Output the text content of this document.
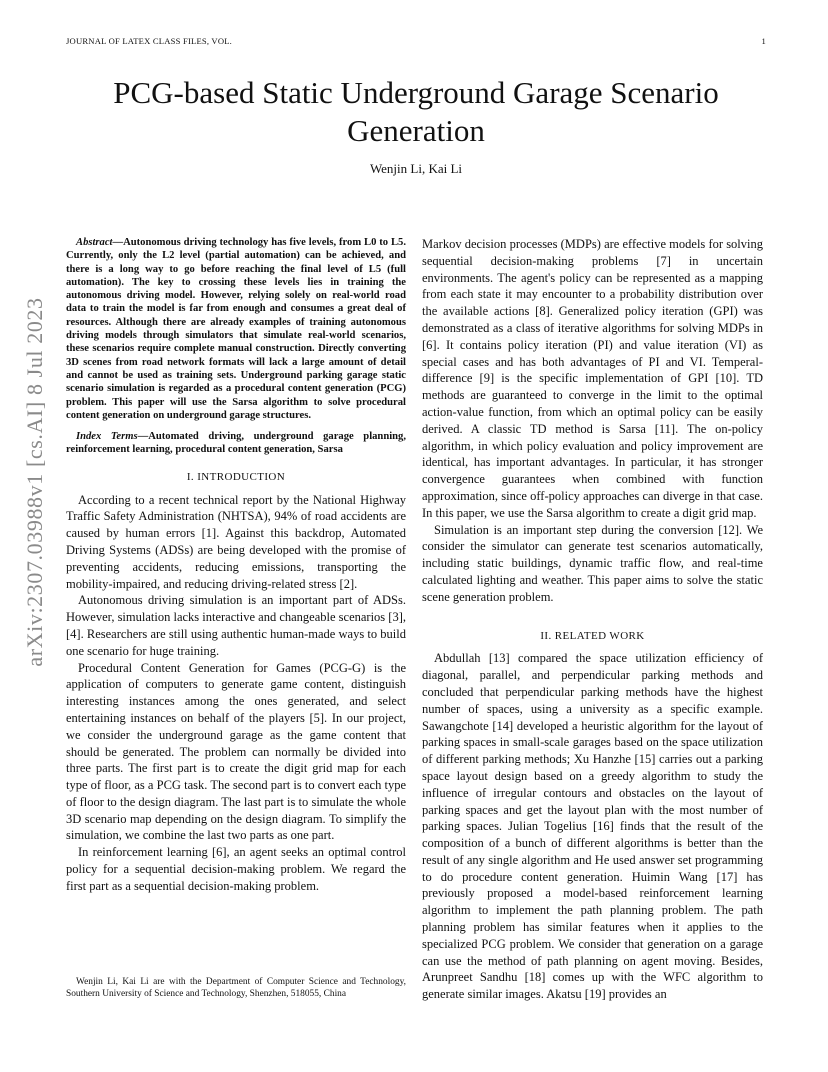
JOURNAL OF LATEX CLASS FILES, VOL.	1
arXiv:2307.03988v1 [cs.AI] 8 Jul 2023
PCG-based Static Underground Garage Scenario Generation
Wenjin Li, Kai Li
Abstract—Autonomous driving technology has five levels, from L0 to L5. Currently, only the L2 level (partial automation) can be achieved, and there is a long way to go before reaching the final level of L5 (full automation). The key to crossing these levels lies in training the autonomous driving model. However, relying solely on real-world road data to train the model is far from enough and consumes a great deal of resources. Although there are already examples of training autonomous driving models through simulators that simulate real-world scenarios, these scenarios require complete manual construction. Directly converting 3D scenes from road network formats will lack a large amount of detail and cannot be used as training sets. Underground parking garage static scenario simulation is regarded as a procedural content generation (PCG) problem. This paper will use the Sarsa algorithm to solve procedural content generation on underground garage structures.
Index Terms—Automated driving, underground garage planning, reinforcement learning, procedural content generation, Sarsa
I. INTRODUCTION

According to a recent technical report by the National Highway Traffic Safety Administration (NHTSA), 94% of road accidents are caused by human errors [1]. Against this backdrop, Automated Driving Systems (ADSs) are being developed with the promise of preventing accidents, reducing emissions, transporting the mobility-impaired, and reducing driving-related stress [2].

Autonomous driving simulation is an important part of ADSs. However, simulation lacks interactive and changeable scenarios [3], [4]. Researchers are still using authentic human-made ways to build one scenario for huge training.

Procedural Content Generation for Games (PCG-G) is the application of computers to generate game content, distinguish interesting instances among the ones generated, and select entertaining instances on behalf of the players [5]. In our project, we consider the underground garage as the game content that should be generated. The problem can normally be divided into three parts. The first part is to create the digit grid map for each type of floor, as a PCG task. The second part is to convert each type of floor to the design diagram. The last part is to simulate the whole 3D scenario map depending on the design diagram. To simplify the simulation, we combine the last two parts as one part.

In reinforcement learning [6], an agent seeks an optimal control policy for a sequential decision-making problem. We regard the first part as a sequential decision-making problem.

Wenjin Li, Kai Li are with the Department of Computer Science and Technology, Southern University of Science and Technology, Shenzhen, 518055, China

Markov decision processes (MDPs) are effective models for solving sequential decision-making problems [7] in uncertain environments. The agent's policy can be represented as a mapping from each state it may encounter to a probability distribution over the available actions [8]. Generalized policy iteration (GPI) was demonstrated as a class of iterative algorithms for solving MDPs in [6]. It contains policy iteration (PI) and value iteration (VI) as special cases and has both advantages of PI and VI. Temperal-difference [9] is the specific implementation of GPI [10]. TD methods are guaranteed to converge in the limit to the optimal action-value function, from which an optimal policy can be easily derived. A classic TD method is Sarsa [11]. The on-policy algorithm, in which policy evaluation and policy improvement are identical, has important advantages. In particular, it has stronger convergence guarantees when combined with function approximation, since off-policy approaches can diverge in that case. In this paper, we use the Sarsa algorithm to create a digit grid map.

Simulation is an important step during the conversion [12]. We consider the simulator can generate test scenarios automatically, including static buildings, dynamic traffic flow, and real-time calculated lighting and weather. This paper aims to solve the static scene generation problem.

II. RELATED WORK

Abdullah [13] compared the space utilization efficiency of diagonal, parallel, and perpendicular parking methods and concluded that perpendicular parking methods have the highest number of spaces, using a university as a specific example. Sawangchote [14] developed a heuristic algorithm for the layout of parking spaces in small-scale garages based on the space utilization of different parking methods; Xu Hanzhe [15] carries out a parking space layout design based on a greedy algorithm to study the influence of irregular contours and obstacles on the layout of parking spaces and get the layout plan with the most number of parking spaces. Julian Togelius [16] finds that the result of the composition of a bunch of different algorithms is better than the result of any single algorithm and He used answer set programming to do procedure content generation. Huimin Wang [17] has previously proposed a model-based reinforcement learning algorithm to implement the path planning problem. The path planning problem has similar features when it applies to the specialized PCG problem. We consider that generation on a garage can use the method of path planning on agent moving. Besides, Arunpreet Sandhu [18] comes up with the WFC algorithm to generate similar images. Akatsu [19] provides an
